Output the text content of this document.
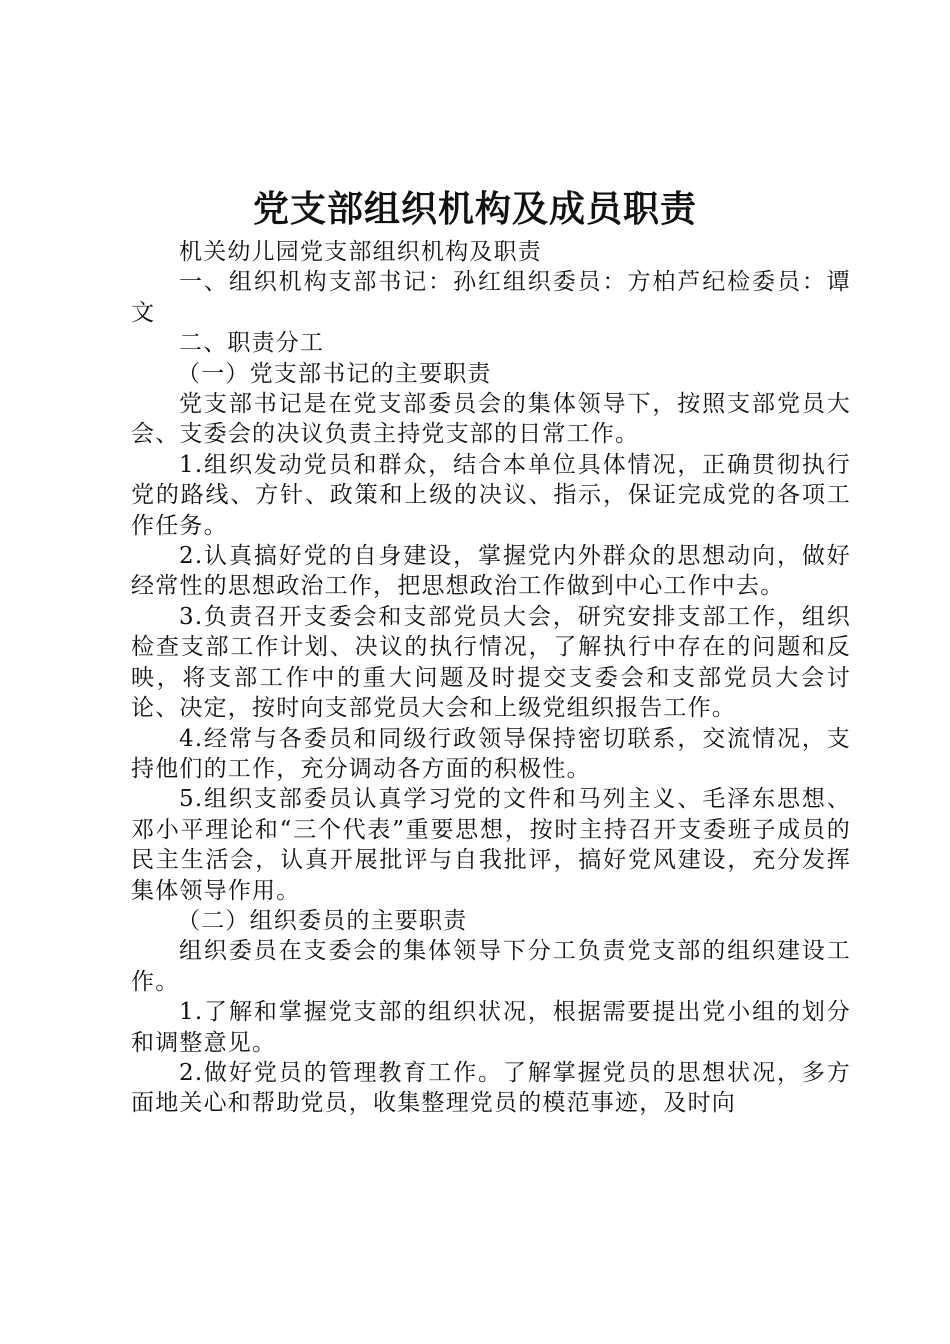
党支部组织机构及成员职责

机关幼儿园党支部组织机构及职责

一、组织机构支部书记：孙红组织委员：方柏芦纪检委员：谭文

二、职责分工

（一）党支部书记的主要职责

党支部书记是在党支部委员会的集体领导下，按照支部党员大会、支委会的决议负责主持党支部的日常工作。

1.组织发动党员和群众，结合本单位具体情况，正确贯彻执行党的路线、方针、政策和上级的决议、指示，保证完成党的各项工作任务。

2.认真搞好党的自身建设，掌握党内外群众的思想动向，做好经常性的思想政治工作，把思想政治工作做到中心工作中去。

3.负责召开支委会和支部党员大会，研究安排支部工作，组织检查支部工作计划、决议的执行情况，了解执行中存在的问题和反映，将支部工作中的重大问题及时提交支委会和支部党员大会讨论、决定，按时向支部党员大会和上级党组织报告工作。

4.经常与各委员和同级行政领导保持密切联系，交流情况，支持他们的工作，充分调动各方面的积极性。

5.组织支部委员认真学习党的文件和马列主义、毛泽东思想、邓小平理论和“三个代表”重要思想，按时主持召开支委班子成员的民主生活会，认真开展批评与自我批评，搞好党风建设，充分发挥集体领导作用。

（二）组织委员的主要职责

组织委员在支委会的集体领导下分工负责党支部的组织建设工作。

1.了解和掌握党支部的组织状况，根据需要提出党小组的划分和调整意见。

2.做好党员的管理教育工作。了解掌握党员的思想状况，多方面地关心和帮助党员，收集整理党员的模范事迹，及时向
